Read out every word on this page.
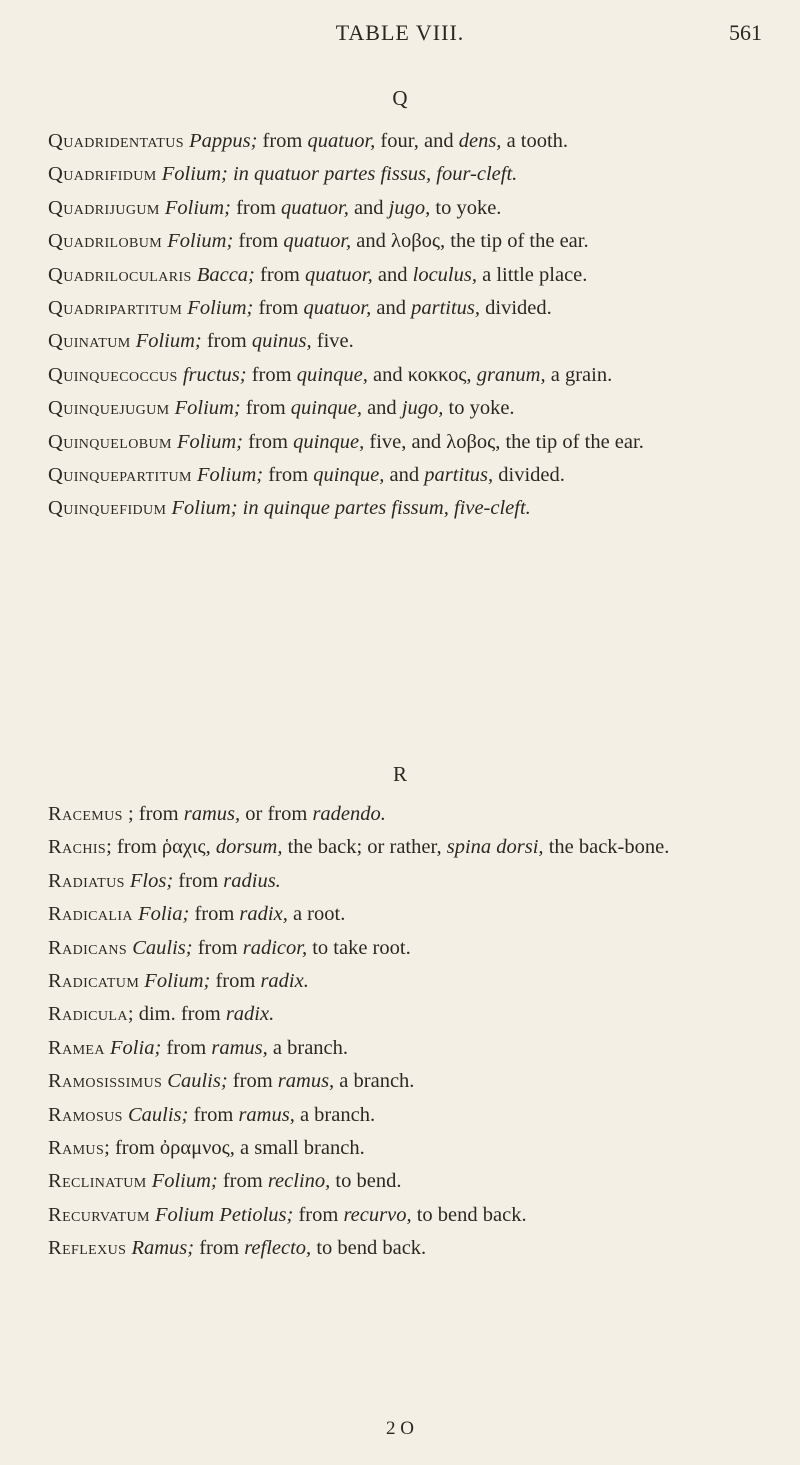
TABLE VIII.	561
Q
Quadridentatus Pappus; from quatuor, four, and dens, a tooth.
Quadrifidum Folium; in quatuor partes fissus, four-cleft.
Quadrijugum Folium; from quatuor, and jugo, to yoke.
Quadrilobum Folium; from quatuor, and λοβος, the tip of the ear.
Quadrilocularis Bacca; from quatuor, and loculus, a little place.
Quadripartitum Folium; from quatuor, and partitus, divided.
Quinatum Folium; from quinus, five.
Quinquecoccus fructus; from quinque, and κοκκος, granum, a grain.
Quinquejugum Folium; from quinque, and jugo, to yoke.
Quinquelobum Folium; from quinque, five, and λοβος, the tip of the ear.
Quinquepartitum Folium; from quinque, and partitus, divided.
Quinquefidum Folium; in quinque partes fissum, five-cleft.
R
Racemus ; from ramus, or from radendo.
Rachis; from ῥαχις, dorsum, the back; or rather, spina dorsi, the back-bone.
Radiatus Flos; from radius.
Radicalia Folia; from radix, a root.
Radicans Caulis; from radicor, to take root.
Radicatum Folium; from radix.
Radicula; dim. from radix.
Ramea Folia; from ramus, a branch.
Ramosissimus Caulis; from ramus, a branch.
Ramosus Caulis; from ramus, a branch.
Ramus; from ὀραμνος, a small branch.
Reclinatum Folium; from reclino, to bend.
Recurvatum Folium Petiolus; from recurvo, to bend back.
Reflexus Ramus; from reflecto, to bend back.
2 O
